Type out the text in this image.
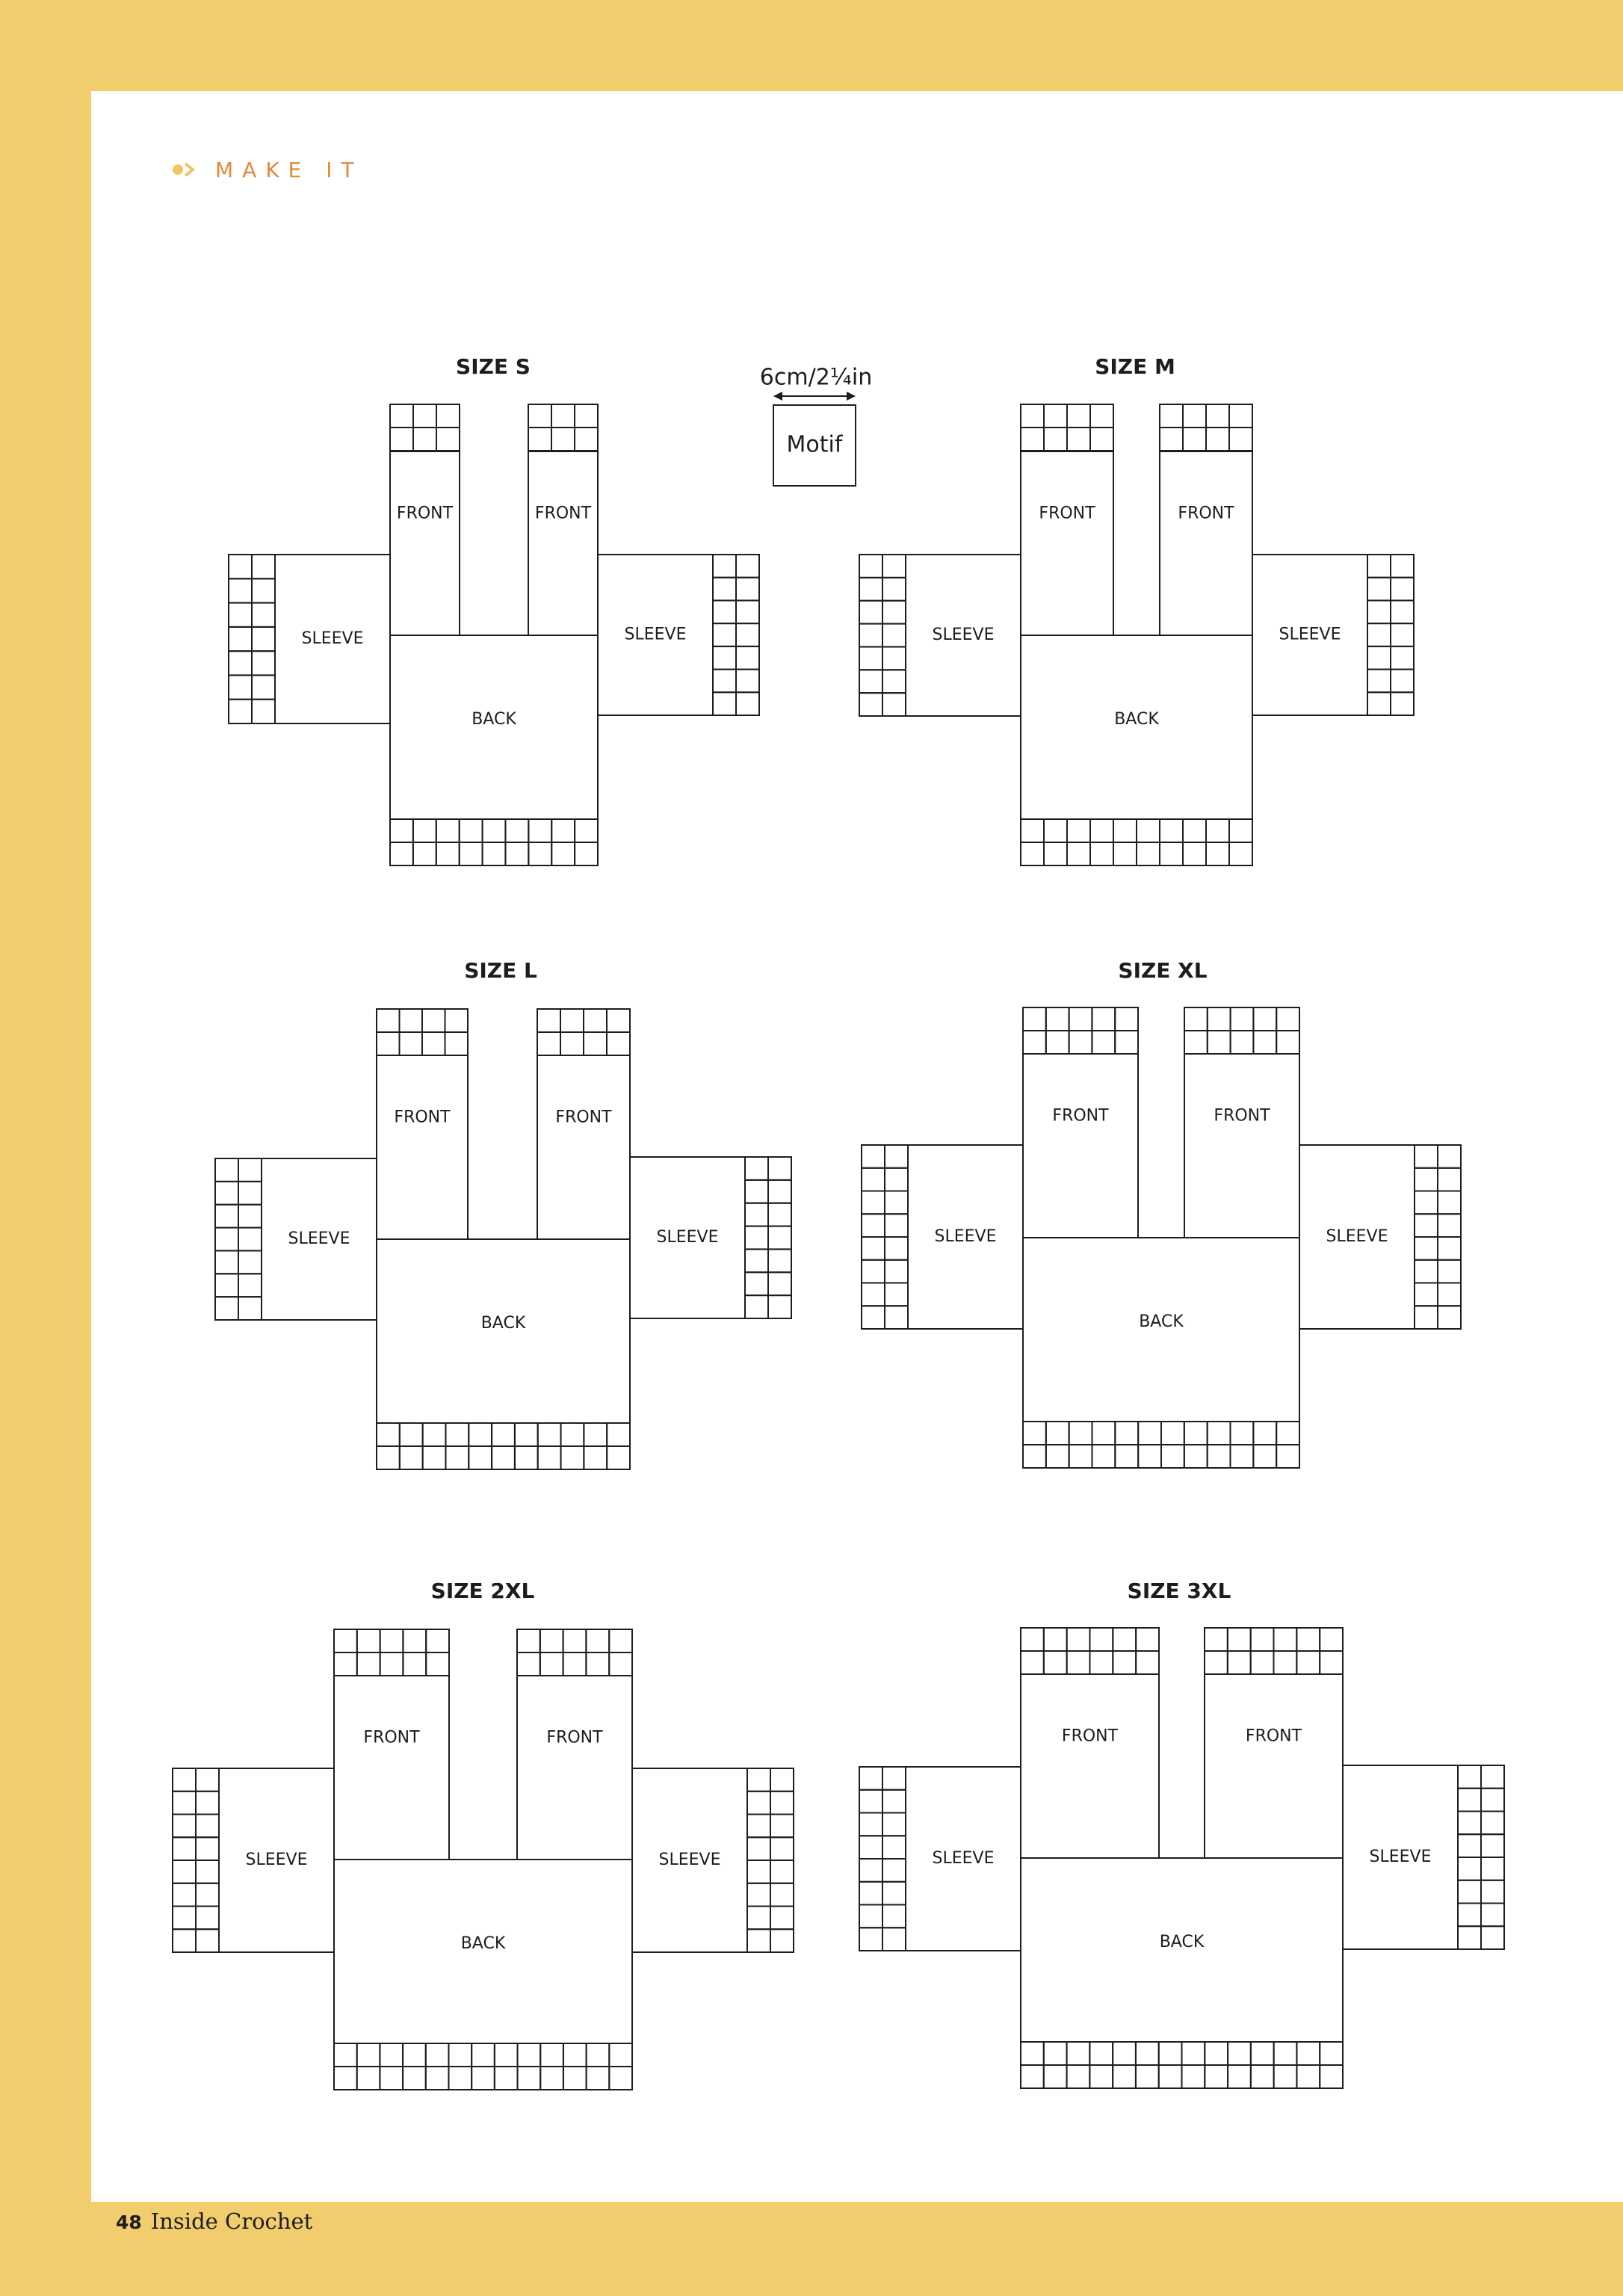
MAKE IT
SIZE S	SIZE M
SIZE L	SIZE XL
SIZE 2XL	SIZE 3XL
FRONT	FRONT
BACK
SLEEVE	SLEEVE
FRONT	FRONT
BACK
SLEEVE	SLEEVE
FRONT	FRONT
BACK
SLEEVE	SLEEVE
FRONT	FRONT
BACK
SLEEVE	SLEEVE
FRONT	FRONT
BACK
SLEEVE	SLEEVE
FRONT	FRONT
BACK
SLEEVE	SLEEVE
Motif
6cm/2¼in
48 Inside Crochet
